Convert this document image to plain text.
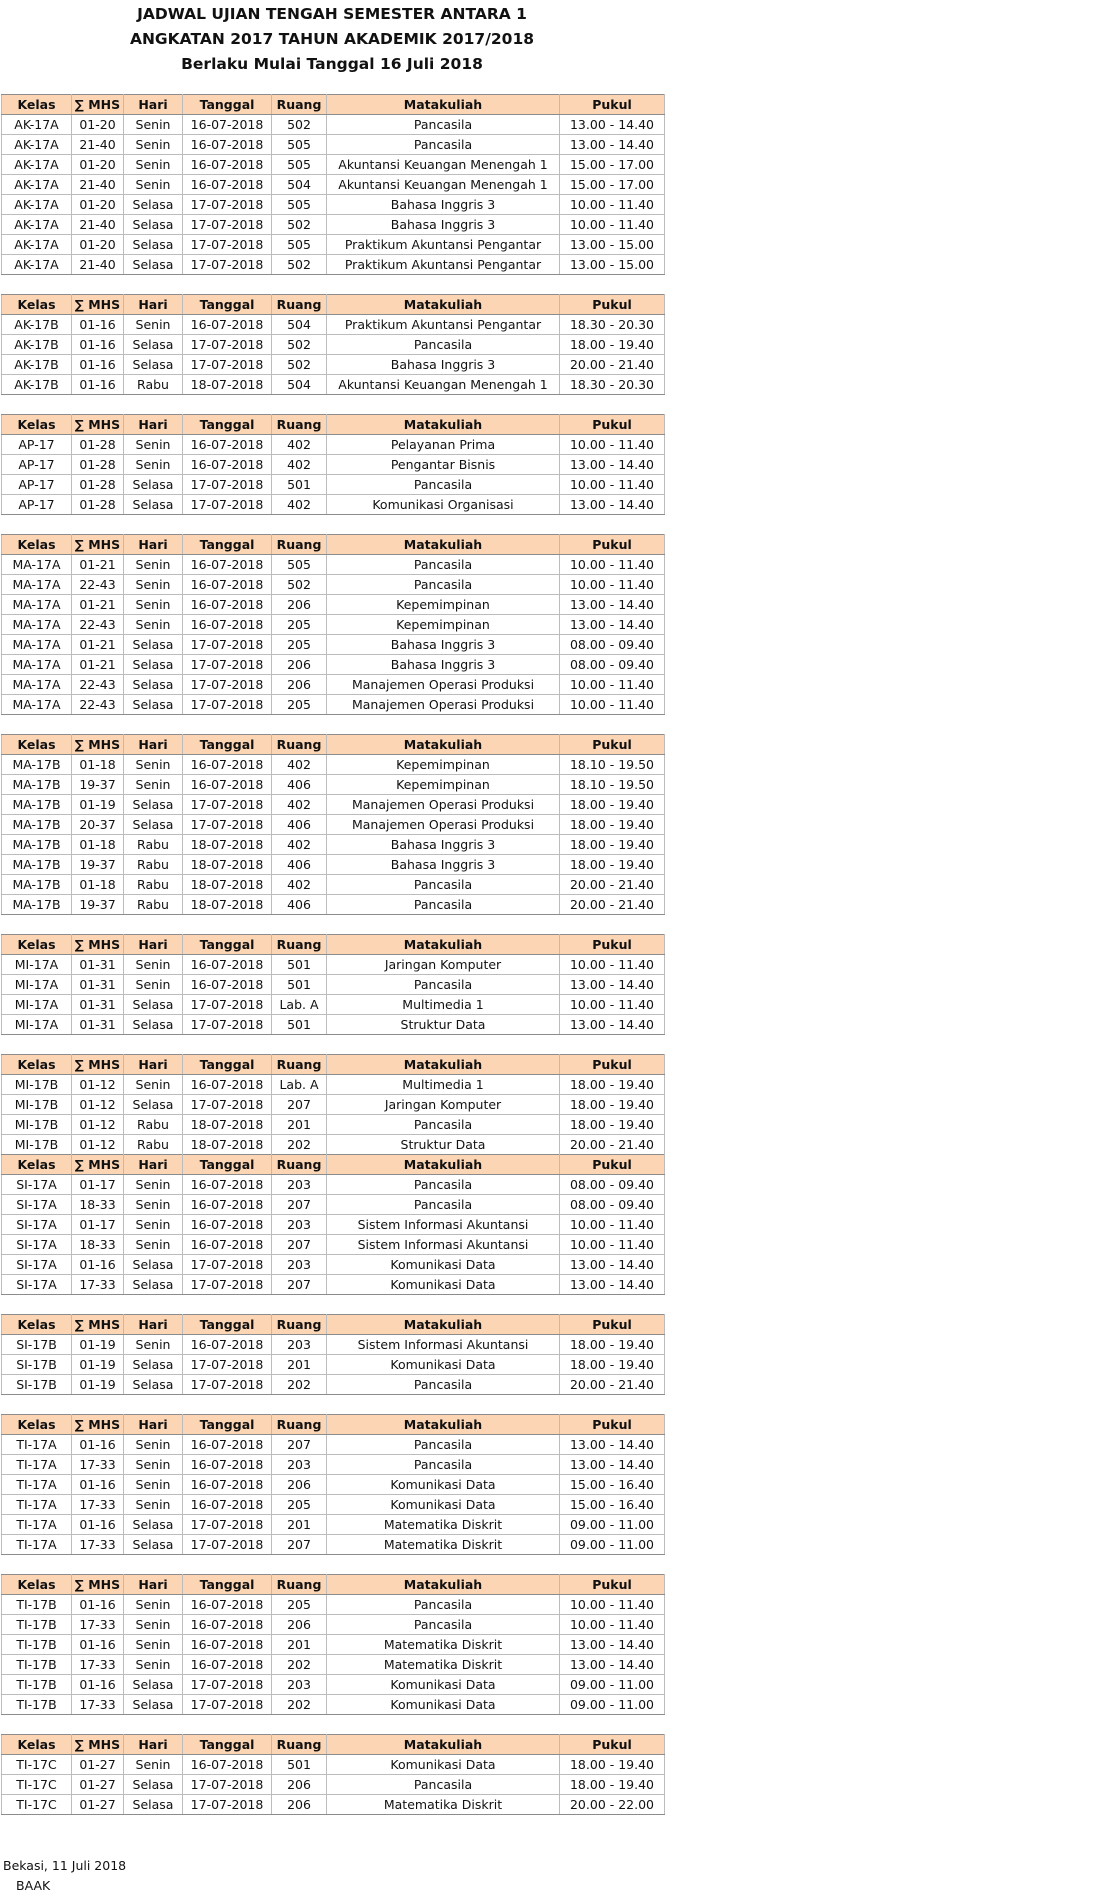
JADWAL UJIAN TENGAH SEMESTER ANTARA 1
ANGKATAN 2017 TAHUN AKADEMIK 2017/2018
Berlaku Mulai Tanggal 16 Juli 2018
Kelas	∑ MHS	Hari	Tanggal	Ruang	Matakuliah	Pukul
AK-17A	01-20	Senin	16-07-2018	502	Pancasila	13.00 - 14.40
AK-17A	21-40	Senin	16-07-2018	505	Pancasila	13.00 - 14.40
AK-17A	01-20	Senin	16-07-2018	505	Akuntansi Keuangan Menengah 1	15.00 - 17.00
AK-17A	21-40	Senin	16-07-2018	504	Akuntansi Keuangan Menengah 1	15.00 - 17.00
AK-17A	01-20	Selasa	17-07-2018	505	Bahasa Inggris 3	10.00 - 11.40
AK-17A	21-40	Selasa	17-07-2018	502	Bahasa Inggris 3	10.00 - 11.40
AK-17A	01-20	Selasa	17-07-2018	505	Praktikum Akuntansi Pengantar	13.00 - 15.00
AK-17A	21-40	Selasa	17-07-2018	502	Praktikum Akuntansi Pengantar	13.00 - 15.00
Kelas	∑ MHS	Hari	Tanggal	Ruang	Matakuliah	Pukul
AK-17B	01-16	Senin	16-07-2018	504	Praktikum Akuntansi Pengantar	18.30 - 20.30
AK-17B	01-16	Selasa	17-07-2018	502	Pancasila	18.00 - 19.40
AK-17B	01-16	Selasa	17-07-2018	502	Bahasa Inggris 3	20.00 - 21.40
AK-17B	01-16	Rabu	18-07-2018	504	Akuntansi Keuangan Menengah 1	18.30 - 20.30
Kelas	∑ MHS	Hari	Tanggal	Ruang	Matakuliah	Pukul
AP-17	01-28	Senin	16-07-2018	402	Pelayanan Prima	10.00 - 11.40
AP-17	01-28	Senin	16-07-2018	402	Pengantar Bisnis	13.00 - 14.40
AP-17	01-28	Selasa	17-07-2018	501	Pancasila	10.00 - 11.40
AP-17	01-28	Selasa	17-07-2018	402	Komunikasi Organisasi	13.00 - 14.40
Kelas	∑ MHS	Hari	Tanggal	Ruang	Matakuliah	Pukul
MA-17A	01-21	Senin	16-07-2018	505	Pancasila	10.00 - 11.40
MA-17A	22-43	Senin	16-07-2018	502	Pancasila	10.00 - 11.40
MA-17A	01-21	Senin	16-07-2018	206	Kepemimpinan	13.00 - 14.40
MA-17A	22-43	Senin	16-07-2018	205	Kepemimpinan	13.00 - 14.40
MA-17A	01-21	Selasa	17-07-2018	205	Bahasa Inggris 3	08.00 - 09.40
MA-17A	01-21	Selasa	17-07-2018	206	Bahasa Inggris 3	08.00 - 09.40
MA-17A	22-43	Selasa	17-07-2018	206	Manajemen Operasi Produksi	10.00 - 11.40
MA-17A	22-43	Selasa	17-07-2018	205	Manajemen Operasi Produksi	10.00 - 11.40
Kelas	∑ MHS	Hari	Tanggal	Ruang	Matakuliah	Pukul
MA-17B	01-18	Senin	16-07-2018	402	Kepemimpinan	18.10 - 19.50
MA-17B	19-37	Senin	16-07-2018	406	Kepemimpinan	18.10 - 19.50
MA-17B	01-19	Selasa	17-07-2018	402	Manajemen Operasi Produksi	18.00 - 19.40
MA-17B	20-37	Selasa	17-07-2018	406	Manajemen Operasi Produksi	18.00 - 19.40
MA-17B	01-18	Rabu	18-07-2018	402	Bahasa Inggris 3	18.00 - 19.40
MA-17B	19-37	Rabu	18-07-2018	406	Bahasa Inggris 3	18.00 - 19.40
MA-17B	01-18	Rabu	18-07-2018	402	Pancasila	20.00 - 21.40
MA-17B	19-37	Rabu	18-07-2018	406	Pancasila	20.00 - 21.40
Kelas	∑ MHS	Hari	Tanggal	Ruang	Matakuliah	Pukul
MI-17A	01-31	Senin	16-07-2018	501	Jaringan Komputer	10.00 - 11.40
MI-17A	01-31	Senin	16-07-2018	501	Pancasila	13.00 - 14.40
MI-17A	01-31	Selasa	17-07-2018	Lab. A	Multimedia 1	10.00 - 11.40
MI-17A	01-31	Selasa	17-07-2018	501	Struktur Data	13.00 - 14.40
Kelas	∑ MHS	Hari	Tanggal	Ruang	Matakuliah	Pukul
MI-17B	01-12	Senin	16-07-2018	Lab. A	Multimedia 1	18.00 - 19.40
MI-17B	01-12	Selasa	17-07-2018	207	Jaringan Komputer	18.00 - 19.40
MI-17B	01-12	Rabu	18-07-2018	201	Pancasila	18.00 - 19.40
MI-17B	01-12	Rabu	18-07-2018	202	Struktur Data	20.00 - 21.40
Kelas	∑ MHS	Hari	Tanggal	Ruang	Matakuliah	Pukul
SI-17A	01-17	Senin	16-07-2018	203	Pancasila	08.00 - 09.40
SI-17A	18-33	Senin	16-07-2018	207	Pancasila	08.00 - 09.40
SI-17A	01-17	Senin	16-07-2018	203	Sistem Informasi Akuntansi	10.00 - 11.40
SI-17A	18-33	Senin	16-07-2018	207	Sistem Informasi Akuntansi	10.00 - 11.40
SI-17A	01-16	Selasa	17-07-2018	203	Komunikasi Data	13.00 - 14.40
SI-17A	17-33	Selasa	17-07-2018	207	Komunikasi Data	13.00 - 14.40
Kelas	∑ MHS	Hari	Tanggal	Ruang	Matakuliah	Pukul
SI-17B	01-19	Senin	16-07-2018	203	Sistem Informasi Akuntansi	18.00 - 19.40
SI-17B	01-19	Selasa	17-07-2018	201	Komunikasi Data	18.00 - 19.40
SI-17B	01-19	Selasa	17-07-2018	202	Pancasila	20.00 - 21.40
Kelas	∑ MHS	Hari	Tanggal	Ruang	Matakuliah	Pukul
TI-17A	01-16	Senin	16-07-2018	207	Pancasila	13.00 - 14.40
TI-17A	17-33	Senin	16-07-2018	203	Pancasila	13.00 - 14.40
TI-17A	01-16	Senin	16-07-2018	206	Komunikasi Data	15.00 - 16.40
TI-17A	17-33	Senin	16-07-2018	205	Komunikasi Data	15.00 - 16.40
TI-17A	01-16	Selasa	17-07-2018	201	Matematika Diskrit	09.00 - 11.00
TI-17A	17-33	Selasa	17-07-2018	207	Matematika Diskrit	09.00 - 11.00
Kelas	∑ MHS	Hari	Tanggal	Ruang	Matakuliah	Pukul
TI-17B	01-16	Senin	16-07-2018	205	Pancasila	10.00 - 11.40
TI-17B	17-33	Senin	16-07-2018	206	Pancasila	10.00 - 11.40
TI-17B	01-16	Senin	16-07-2018	201	Matematika Diskrit	13.00 - 14.40
TI-17B	17-33	Senin	16-07-2018	202	Matematika Diskrit	13.00 - 14.40
TI-17B	01-16	Selasa	17-07-2018	203	Komunikasi Data	09.00 - 11.00
TI-17B	17-33	Selasa	17-07-2018	202	Komunikasi Data	09.00 - 11.00
Kelas	∑ MHS	Hari	Tanggal	Ruang	Matakuliah	Pukul
TI-17C	01-27	Senin	16-07-2018	501	Komunikasi Data	18.00 - 19.40
TI-17C	01-27	Selasa	17-07-2018	206	Pancasila	18.00 - 19.40
TI-17C	01-27	Selasa	17-07-2018	206	Matematika Diskrit	20.00 - 22.00
Bekasi, 11 Juli 2018
BAAK
